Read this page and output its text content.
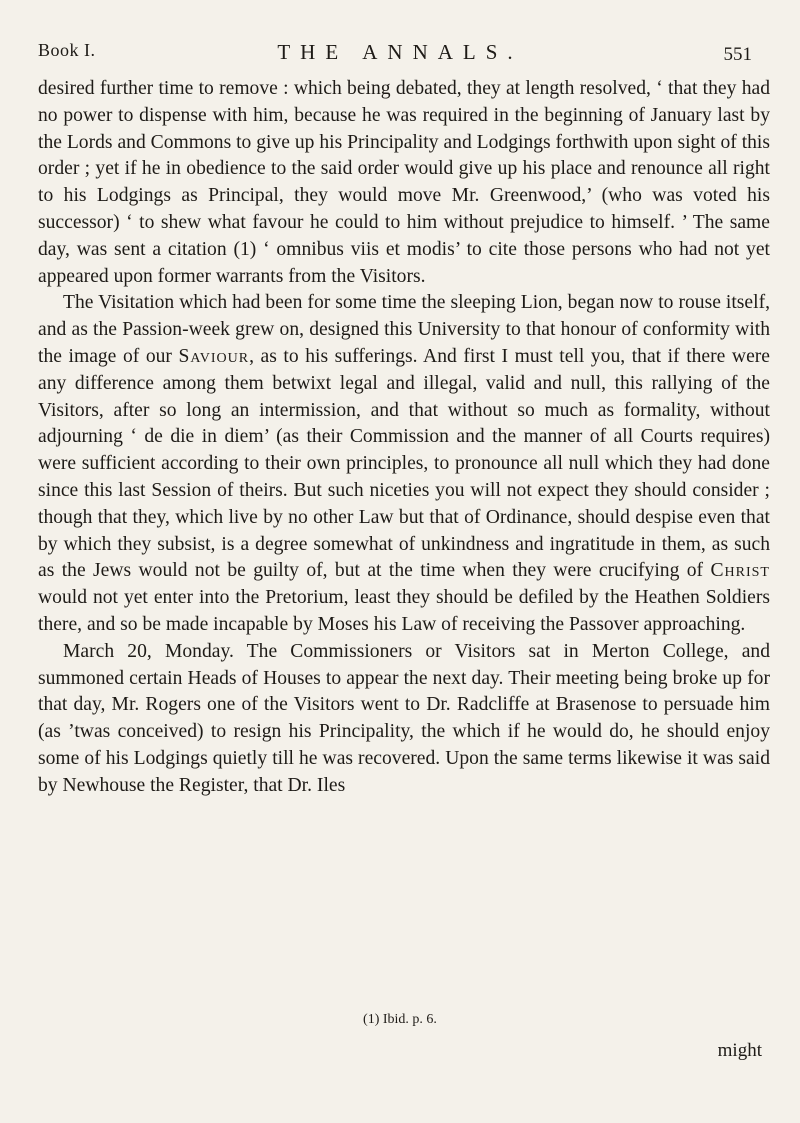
Book I.	THE ANNALS.	551

desired further time to remove : which being debated, they at length resolved, ‘ that they had no power to dispense with him, because he was required in the beginning of January last by the Lords and Commons to give up his Principality and Lodgings forthwith upon sight of this order ; yet if he in obedience to the said order would give up his place and renounce all right to his Lodgings as Principal, they would move Mr. Greenwood,’ (who was voted his successor) ‘ to shew what favour he could to him without prejudice to himself. ’ The same day, was sent a citation (1) ‘ omnibus viis et modis’ to cite those persons who had not yet appeared upon former warrants from the Visitors.

The Visitation which had been for some time the sleeping Lion, began now to rouse itself, and as the Passion-week grew on, designed this University to that honour of conformity with the image of our Saviour, as to his sufferings. And first I must tell you, that if there were any difference among them betwixt legal and illegal, valid and null, this rallying of the Visitors, after so long an intermission, and that without so much as formality, without adjourning ‘ de die in diem’ (as their Commission and the manner of all Courts requires) were sufficient according to their own principles, to pronounce all null which they had done since this last Session of theirs. But such niceties you will not expect they should consider ; though that they, which live by no other Law but that of Ordinance, should despise even that by which they subsist, is a degree somewhat of unkindness and ingratitude in them, as such as the Jews would not be guilty of, but at the time when they were crucifying of Christ would not yet enter into the Pretorium, least they should be defiled by the Heathen Soldiers there, and so be made incapable by Moses his Law of receiving the Passover approaching.

March 20, Monday. The Commissioners or Visitors sat in Merton College, and summoned certain Heads of Houses to appear the next day. Their meeting being broke up for that day, Mr. Rogers one of the Visitors went to Dr. Radcliffe at Brasenose to persuade him (as ’twas conceived) to resign his Principality, the which if he would do, he should enjoy some of his Lodgings quietly till he was recovered. Upon the same terms likewise it was said by Newhouse the Register, that Dr. Iles

(1) Ibid. p. 6.
might
